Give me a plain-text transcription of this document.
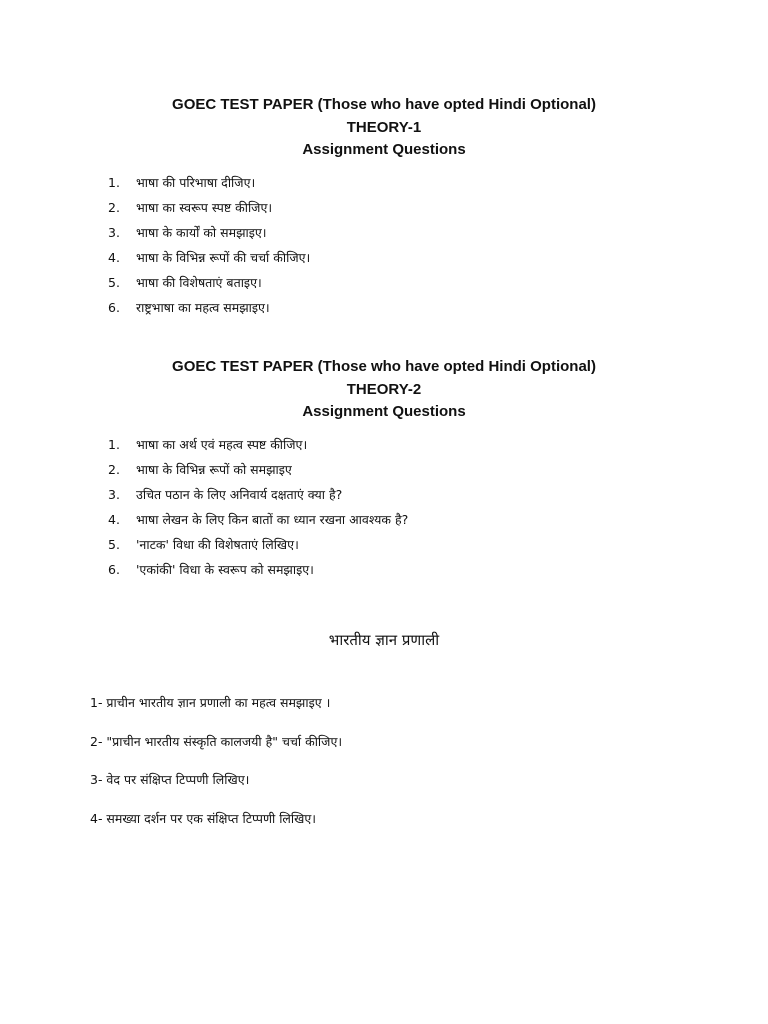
GOEC TEST PAPER (Those who have opted Hindi Optional)
THEORY-1
Assignment Questions
1. भाषा की परिभाषा दीजिए।
2. भाषा का स्वरूप स्पष्ट कीजिए।
3. भाषा के कार्यों को समझाइए।
4. भाषा के विभिन्न रूपों की चर्चा कीजिए।
5. भाषा की विशेषताएं बताइए।
6. राष्ट्रभाषा का महत्व समझाइए।
GOEC TEST PAPER (Those who have opted Hindi Optional)
THEORY-2
Assignment Questions
1. भाषा का अर्थ एवं महत्व स्पष्ट कीजिए।
2. भाषा के विभिन्न रूपों को समझाइए
3. उचित पठान के लिए अनिवार्य दक्षताएं क्या है?
4. भाषा लेखन के लिए किन बातों का ध्यान रखना आवश्यक है?
5. 'नाटक' विधा की विशेषताएं लिखिए।
6. 'एकांकी' विधा के स्वरूप को समझाइए।
भारतीय ज्ञान प्रणाली
1- प्राचीन भारतीय ज्ञान प्रणाली का महत्व समझाइए ।
2- "प्राचीन भारतीय संस्कृति कालजयी है" चर्चा कीजिए।
3- वेद पर संक्षिप्त टिप्पणी लिखिए।
4- समख्या दर्शन पर एक संक्षिप्त टिप्पणी लिखिए।
